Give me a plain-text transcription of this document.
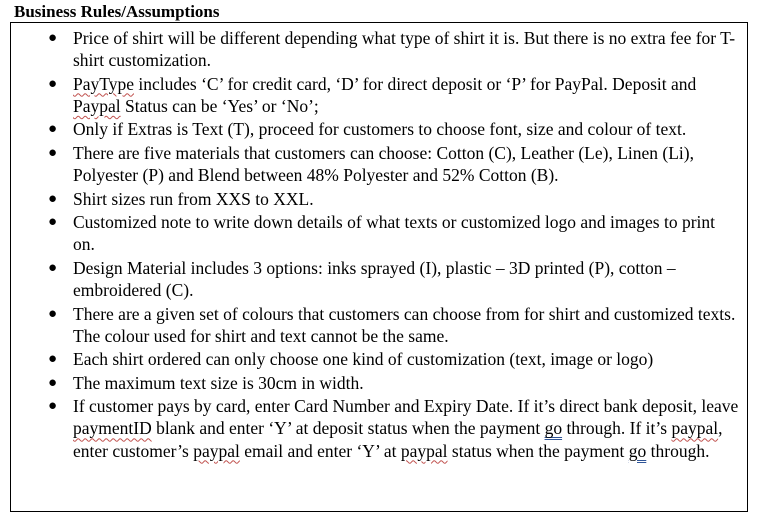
Business Rules/Assumptions
● Price of shirt will be different depending what type of shirt it is. But there is no extra fee for T-shirt customization.
● PayType includes ‘C’ for credit card, ‘D’ for direct deposit or ‘P’ for PayPal. Deposit and Paypal Status can be ‘Yes’ or ‘No’;
● Only if Extras is Text (T), proceed for customers to choose font, size and colour of text.
● There are five materials that customers can choose: Cotton (C), Leather (Le), Linen (Li), Polyester (P) and Blend between 48% Polyester and 52% Cotton (B).
● Shirt sizes run from XXS to XXL.
● Customized note to write down details of what texts or customized logo and images to print on.
● Design Material includes 3 options: inks sprayed (I), plastic – 3D printed (P), cotton – embroidered (C).
● There are a given set of colours that customers can choose from for shirt and customized texts. The colour used for shirt and text cannot be the same.
● Each shirt ordered can only choose one kind of customization (text, image or logo)
● The maximum text size is 30cm in width.
● If customer pays by card, enter Card Number and Expiry Date. If it’s direct bank deposit, leave paymentID blank and enter ‘Y’ at deposit status when the payment go through. If it’s paypal, enter customer’s paypal email and enter ‘Y’ at paypal status when the payment go through.
